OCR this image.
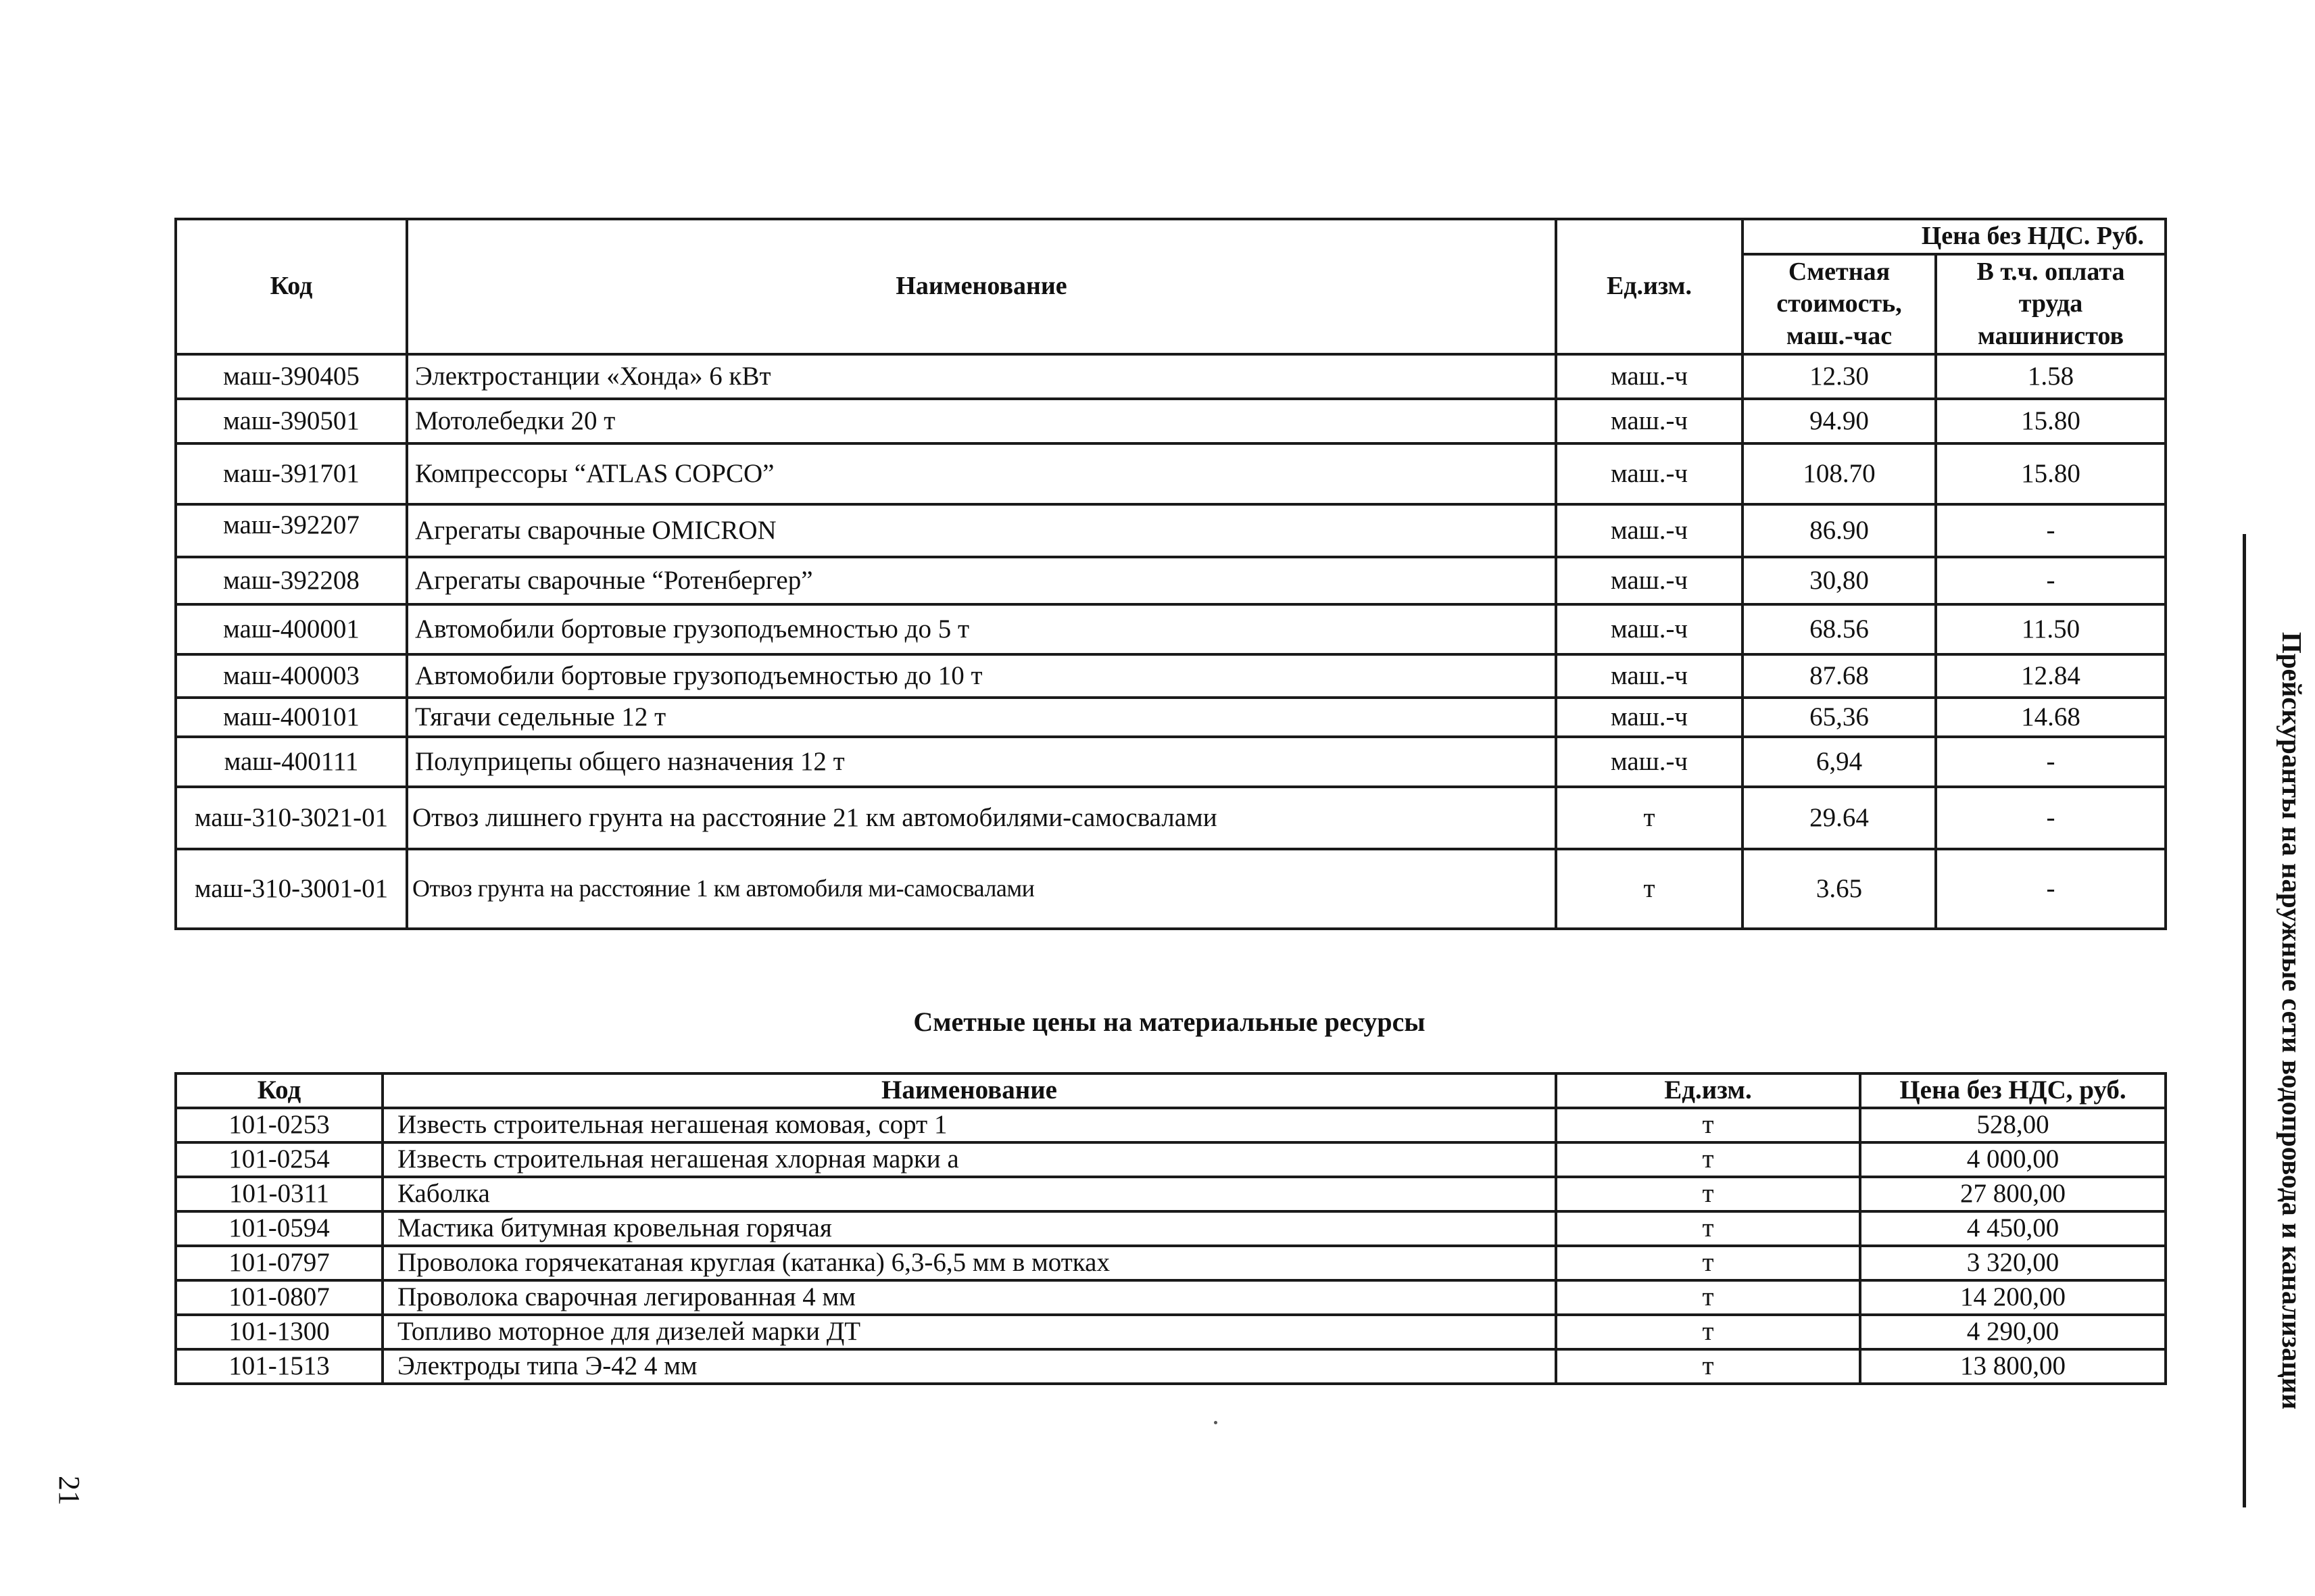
Код	Наименование	Ед.изм.	Цена без НДС. Руб.	
			Сметная стоимость, маш.-час	В т.ч. оплата труда машинистов
маш-390405	Электростанции «Хонда» 6 кВт	маш.-ч	12.30	1.58
маш-390501	Мотолебедки 20 т	маш.-ч	94.90	15.80
маш-391701	Компрессоры “ATLAS COPCO”	маш.-ч	108.70	15.80
маш-392207	Агрегаты сварочные OMICRON	маш.-ч	86.90	-
маш-392208	Агрегаты сварочные “Ротенбергер”	маш.-ч	30,80	-
маш-400001	Автомобили бортовые грузоподъемностью до 5 т	маш.-ч	68.56	11.50
маш-400003	Автомобили бортовые грузоподъемностью до 10 т	маш.-ч	87.68	12.84
маш-400101	Тягачи седельные 12 т	маш.-ч	65,36	14.68
маш-400111	Полуприцепы общего назначения 12 т	маш.-ч	6,94	-
маш-310-3021-01	Отвоз лишнего грунта на расстояние 21 км автомобилями-самосвалами	т	29.64	-
маш-310-3001-01	Отвоз грунта на расстояние 1 км автомобиля ми-самосвалами	т	3.65	-
Сметные цены на материальные ресурсы
Код	Наименование	Ед.изм.	Цена без НДС, руб.
101-0253	Известь строительная негашеная комовая, сорт 1	т	528,00
101-0254	Известь строительная негашеная хлорная марки а	т	4 000,00
101-0311	Каболка	т	27 800,00
101-0594	Мастика битумная кровельная горячая	т	4 450,00
101-0797	Проволока горячекатаная круглая (катанка) 6,3-6,5 мм в мотках	т	3 320,00
101-0807	Проволока сварочная легированная 4 мм	т	14 200,00
101-1300	Топливо моторное для дизелей марки ДТ	т	4 290,00
101-1513	Электроды типа Э-42 4 мм	т	13 800,00	Прейскуранты на наружные сети водопровода и канализации
21
